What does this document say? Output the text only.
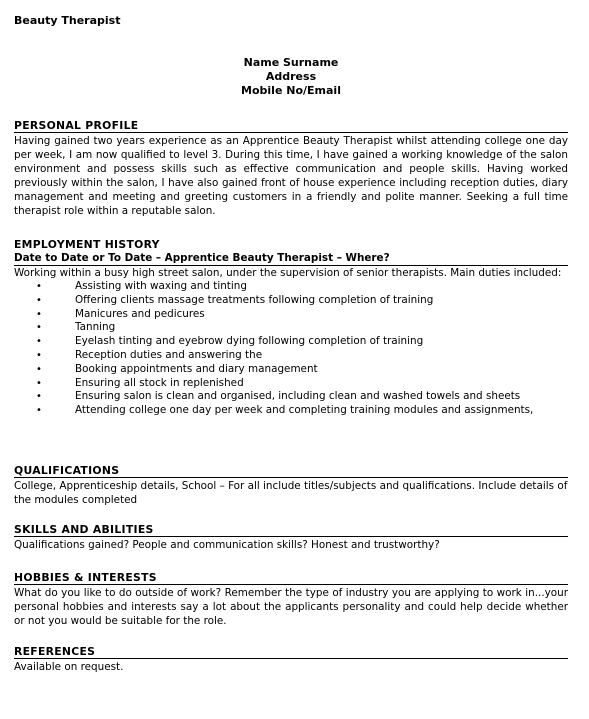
Beauty Therapist
Name Surname
Address
Mobile No/Email
PERSONAL PROFILE

Having gained two years experience as an Apprentice Beauty Therapist whilst attending college one day per week, I am now qualified to level 3. During this time, I have gained a working knowledge of the salon environment and possess skills such as effective communication and people skills. Having worked previously within the salon, I have also gained front of house experience including reception duties, diary management and meeting and greeting customers in a friendly and polite manner. Seeking a full time therapist role within a reputable salon.

EMPLOYMENT HISTORY
Date to Date or To Date – Apprentice Beauty Therapist – Where?

Working within a busy high street salon, under the supervision of senior therapists. Main duties included:

•	Assisting with waxing and tinting
•	Offering clients massage treatments following completion of training
•	Manicures and pedicures
•	Tanning
•	Eyelash tinting and eyebrow dying following completion of training
•	Reception duties and answering the
•	Booking appointments and diary management
•	Ensuring all stock in replenished
•	Ensuring salon is clean and organised, including clean and washed towels and sheets
•	Attending college one day per week and completing training modules and assignments,
QUALIFICATIONS

College, Apprenticeship details, School – For all include titles/subjects and qualifications. Include details of the modules completed

SKILLS AND ABILITIES

Qualifications gained? People and communication skills? Honest and trustworthy?

HOBBIES & INTERESTS

What do you like to do outside of work? Remember the type of industry you are applying to work in...your personal hobbies and interests say a lot about the applicants personality and could help decide whether or not you would be suitable for the role.

REFERENCES

Available on request.
